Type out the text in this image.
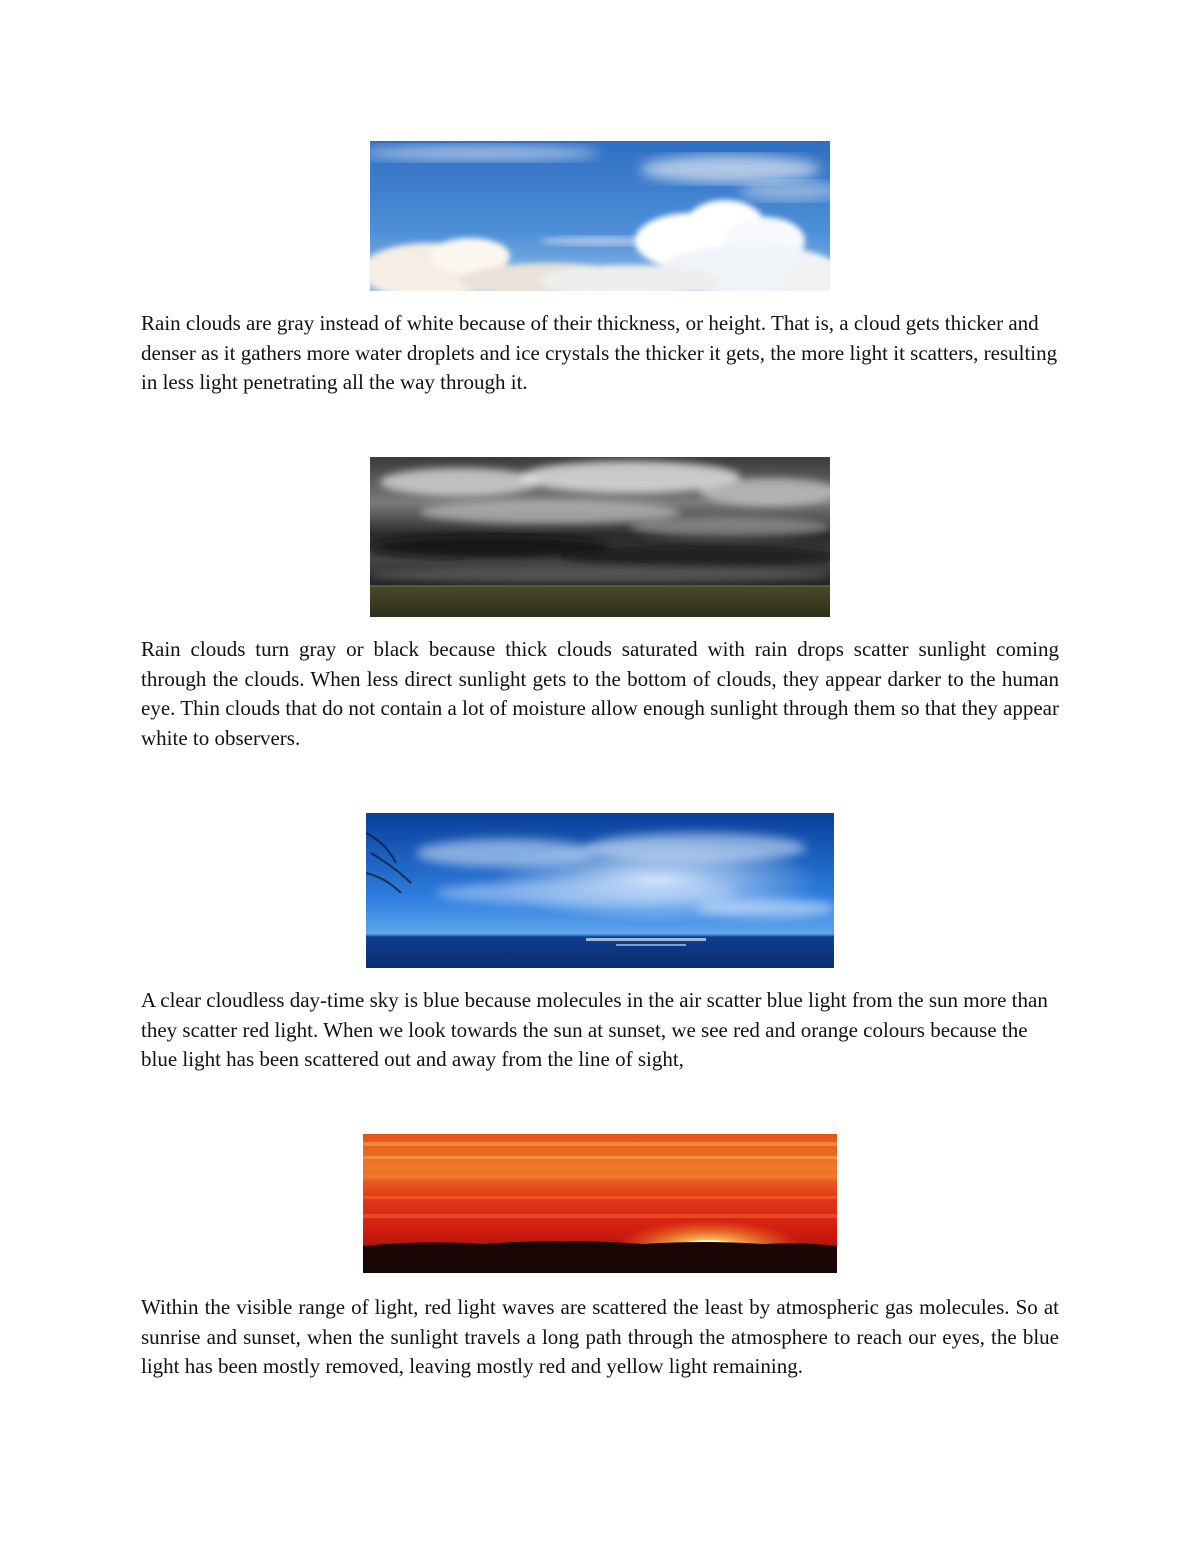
Rain clouds are gray instead of white because of their thickness, or height. That is, a cloud gets thicker and denser as it gathers more water droplets and ice crystals the thicker it gets, the more light it scatters, resulting in less light penetrating all the way through it.

Rain clouds turn gray or black because thick clouds saturated with rain drops scatter sunlight coming through the clouds. When less direct sunlight gets to the bottom of clouds, they appear darker to the human eye. Thin clouds that do not contain a lot of moisture allow enough sunlight through them so that they appear white to observers.

A clear cloudless day-time sky is blue because molecules in the air scatter blue light from the sun more than they scatter red light. When we look towards the sun at sunset, we see red and orange colours because the blue light has been scattered out and away from the line of sight,

Within the visible range of light, red light waves are scattered the least by atmospheric gas molecules. So at sunrise and sunset, when the sunlight travels a long path through the atmosphere to reach our eyes, the blue light has been mostly removed, leaving mostly red and yellow light remaining.
